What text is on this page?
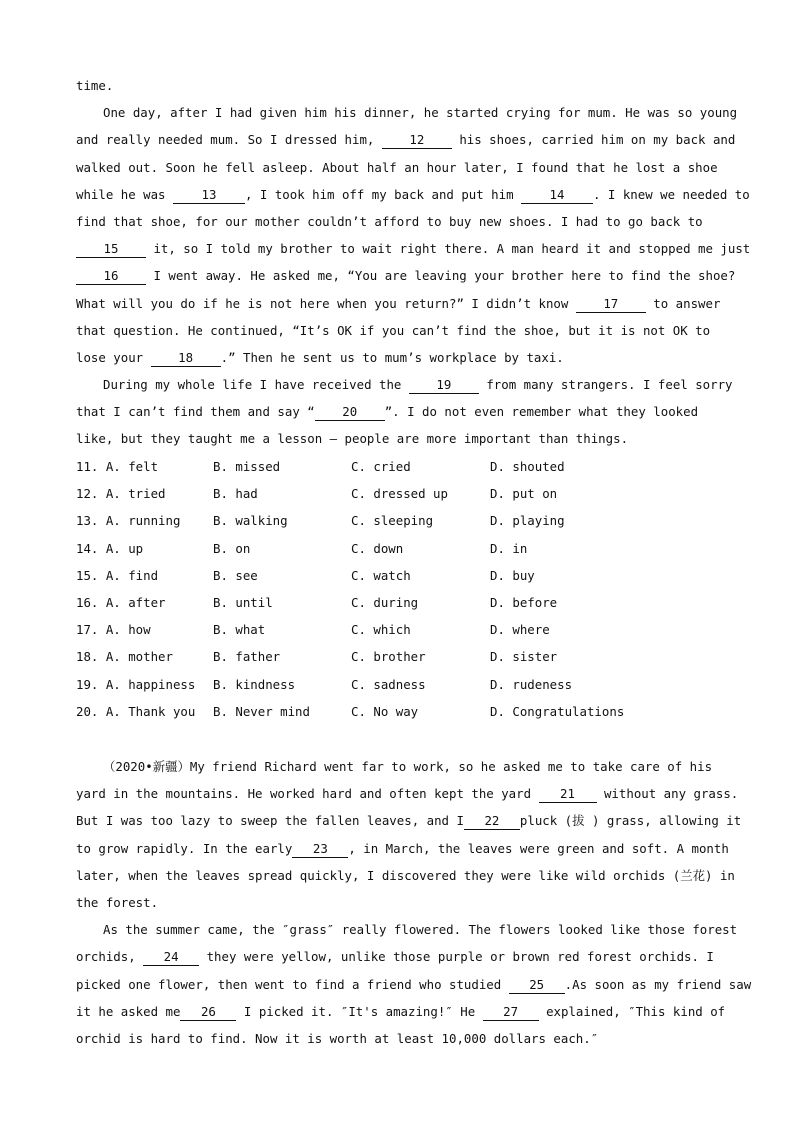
time.
One day, after I had given him his dinner, he started crying for mum. He was so young
and really needed mum. So I dressed him, 12 his shoes, carried him on my back and
walked out. Soon he fell asleep. About half an hour later, I found that he lost a shoe
while he was 13 , I took him off my back and put him 14 . I knew we needed to
find that shoe, for our mother couldn’t afford to buy new shoes. I had to go back to
15 it, so I told my brother to wait right there. A man heard it and stopped me just
16 I went away. He asked me, “You are leaving your brother here to find the shoe?
What will you do if he is not here when you return?” I didn’t know 17 to answer
that question. He continued, “It’s OK if you can’t find the shoe, but it is not OK to
lose your 18 .” Then he sent us to mum’s workplace by taxi.
During my whole life I have received the 19 from many strangers. I feel sorry
that I can’t find them and say “ 20 ”. I do not even remember what they looked
like, but they taught me a lesson — people are more important than things.
11. A. felt	B. missed	C. cried	D. shouted
12. A. tried	B. had	C. dressed up	D. put on
13. A. running	B. walking	C. sleeping	D. playing
14. A. up	B. on	C. down	D. in
15. A. find	B. see	C. watch	D. buy
16. A. after	B. until	C. during	D. before
17. A. how	B. what	C. which	D. where
18. A. mother	B. father	C. brother	D. sister
19. A. happiness B. kindness	C. sadness	D. rudeness
20. A. Thank you B. Never mind	C. No way	D. Congratulations
（2020•新疆）My friend Richard went far to work, so he asked me to take care of his
yard in the mountains. He worked hard and often kept the yard 21 without any grass.
But I was too lazy to sweep the fallen leaves, and I 22 pluck (拔 ) grass, allowing it
to grow rapidly. In the early 23 , in March, the leaves were green and soft. A month
later, when the leaves spread quickly, I discovered they were like wild orchids (兰花) in
the forest.
As the summer came, the ″grass″ really flowered. The flowers looked like those forest
orchids, 24 they were yellow, unlike those purple or brown red forest orchids. I
picked one flower, then went to find a friend who studied 25 .As soon as my friend saw
it he asked me 26 I picked it. ″It's amazing!″ He 27 explained, ″This kind of
orchid is hard to find. Now it is worth at least 10,000 dollars each.″
